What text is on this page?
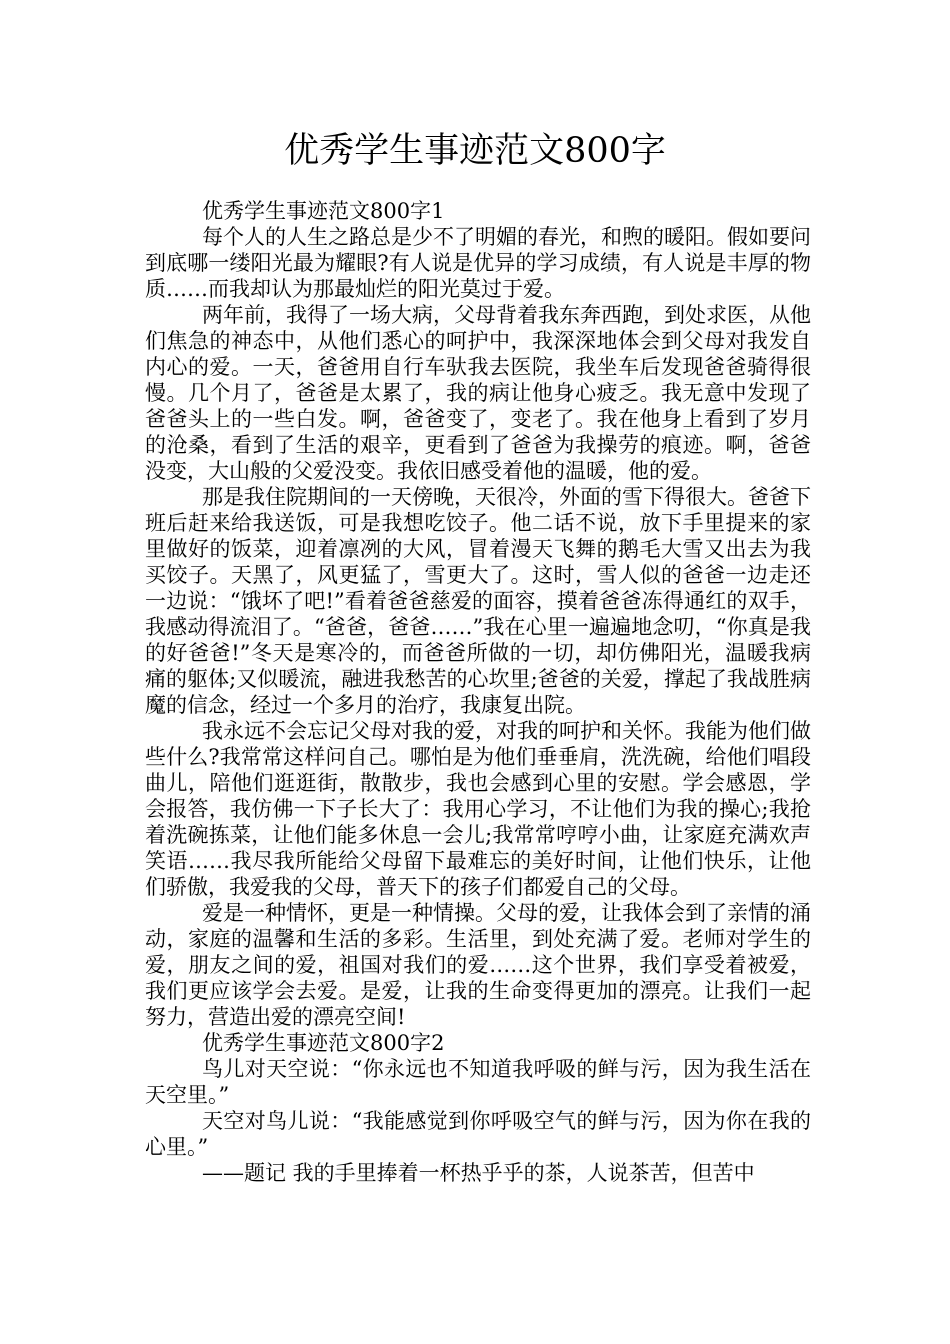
优秀学生事迹范文800字

优秀学生事迹范文800字1

每个人的人生之路总是少不了明媚的春光，和煦的暖阳。假如要问到底哪一缕阳光最为耀眼?有人说是优异的学习成绩，有人说是丰厚的物质……而我却认为那最灿烂的阳光莫过于爱。

两年前，我得了一场大病，父母背着我东奔西跑，到处求医，从他们焦急的神态中，从他们悉心的呵护中，我深深地体会到父母对我发自内心的爱。一天，爸爸用自行车驮我去医院，我坐车后发现爸爸骑得很慢。几个月了，爸爸是太累了，我的病让他身心疲乏。我无意中发现了爸爸头上的一些白发。啊，爸爸变了，变老了。我在他身上看到了岁月的沧桑，看到了生活的艰辛，更看到了爸爸为我操劳的痕迹。啊，爸爸没变，大山般的父爱没变。我依旧感受着他的温暖，他的爱。

那是我住院期间的一天傍晚，天很冷，外面的雪下得很大。爸爸下班后赶来给我送饭，可是我想吃饺子。他二话不说，放下手里提来的家里做好的饭菜，迎着凛冽的大风，冒着漫天飞舞的鹅毛大雪又出去为我买饺子。天黑了，风更猛了，雪更大了。这时，雪人似的爸爸一边走还一边说：“饿坏了吧!”看着爸爸慈爱的面容，摸着爸爸冻得通红的双手，我感动得流泪了。“爸爸，爸爸……”我在心里一遍遍地念叨，“你真是我的好爸爸!”冬天是寒冷的，而爸爸所做的一切，却仿佛阳光，温暖我病痛的躯体;又似暖流，融进我愁苦的心坎里;爸爸的关爱，撑起了我战胜病魔的信念，经过一个多月的治疗，我康复出院。

我永远不会忘记父母对我的爱，对我的呵护和关怀。我能为他们做些什么?我常常这样问自己。哪怕是为他们垂垂肩，洗洗碗，给他们唱段曲儿，陪他们逛逛街，散散步，我也会感到心里的安慰。学会感恩，学会报答，我仿佛一下子长大了：我用心学习，不让他们为我的操心;我抢着洗碗拣菜，让他们能多休息一会儿;我常常哼哼小曲，让家庭充满欢声笑语……我尽我所能给父母留下最难忘的美好时间，让他们快乐，让他们骄傲，我爱我的父母，普天下的孩子们都爱自己的父母。

爱是一种情怀，更是一种情操。父母的爱，让我体会到了亲情的涌动，家庭的温馨和生活的多彩。生活里，到处充满了爱。老师对学生的爱，朋友之间的爱，祖国对我们的爱……这个世界，我们享受着被爱，我们更应该学会去爱。是爱，让我的生命变得更加的漂亮。让我们一起努力，营造出爱的漂亮空间!

优秀学生事迹范文800字2

鸟儿对天空说：“你永远也不知道我呼吸的鲜与污，因为我生活在天空里。”

天空对鸟儿说：“我能感觉到你呼吸空气的鲜与污，因为你在我的心里。”

——题记 我的手里捧着一杯热乎乎的茶，人说茶苦，但苦中
